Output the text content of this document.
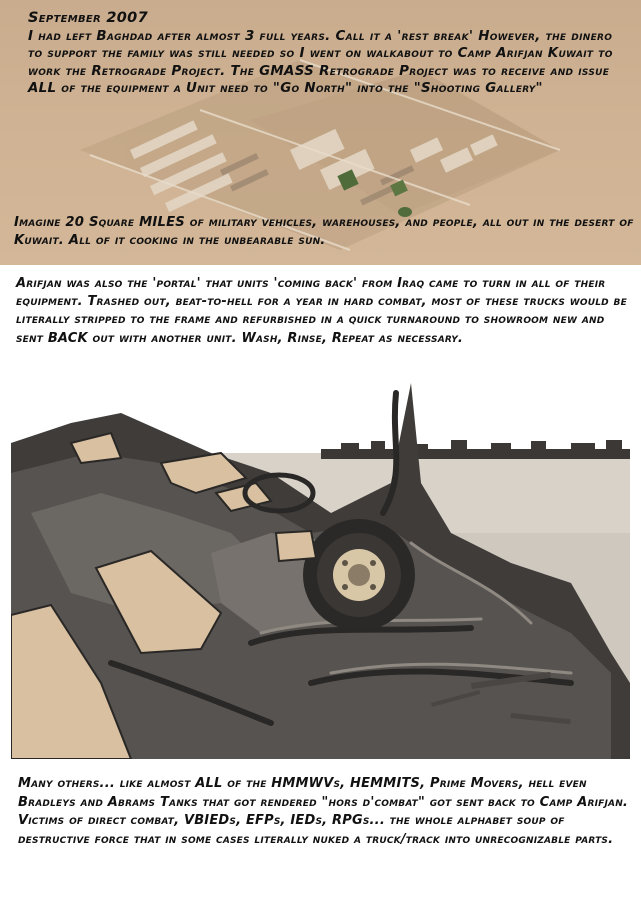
September 2007
I had left Baghdad after almost 3 full years. Call it a 'rest break' However, the dinero to support the family was still needed so I went on walkabout to Camp Arifjan Kuwait to work the Retrograde Project. The GMASS Retrograde Project was to receive and issue ALL of the equipment a Unit need to "Go North" into the "Shooting Gallery"
Imagine 20 Square MILES of military vehicles, warehouses, and people, all out in the desert of Kuwait. All of it cooking in the unbearable sun.
Arifjan was also the 'portal' that units 'coming back' from Iraq came to turn in all of their equipment. Trashed out, beat-to-hell for a year in hard combat, most of these trucks would be literally stripped to the frame and refurbished in a quick turnaround to showroom new and sent BACK out with another unit. Wash, Rinse, Repeat as necessary.
Many others... like almost ALL of the HMMWVs, HEMMITS, Prime Movers, hell even Bradleys and Abrams Tanks that got rendered "hors d'combat" got sent back to Camp Arifjan. Victims of direct combat, VBIEDs, EFPs, IEDs, RPGs... the whole alphabet soup of destructive force that in some cases literally nuked a truck/track into unrecognizable parts.
